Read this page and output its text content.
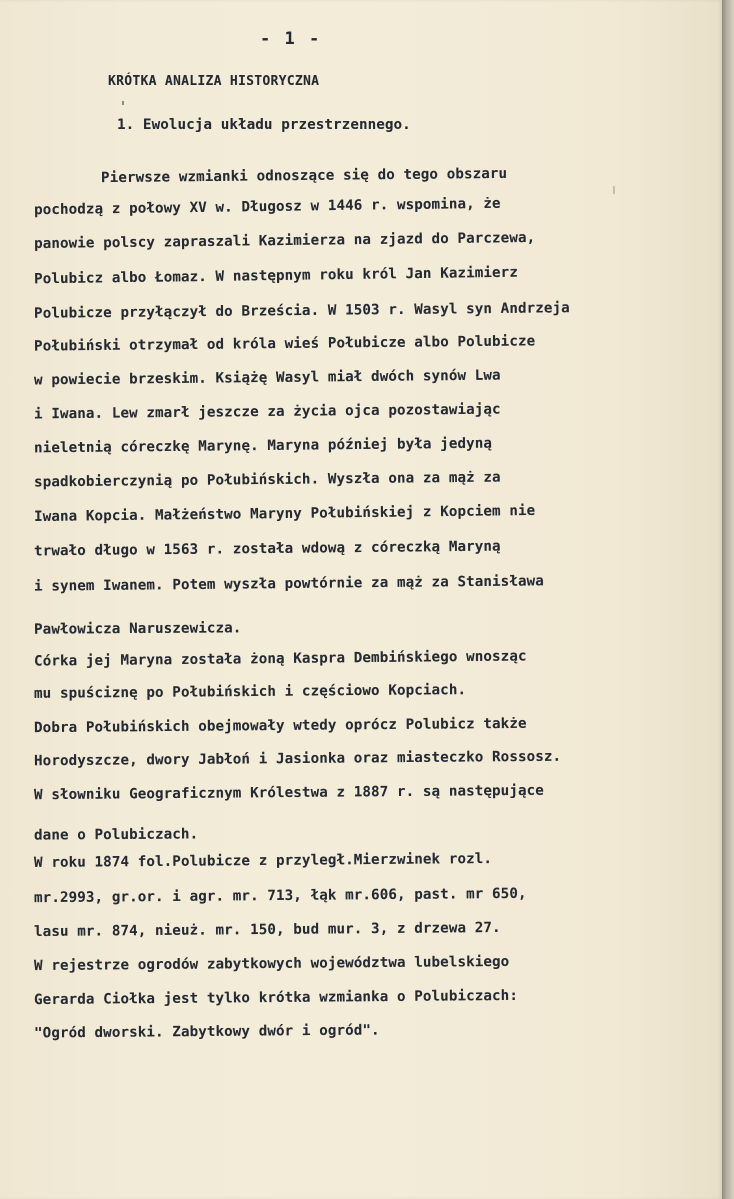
- 1 -
KRÓTKA ANALIZA HISTORYCZNA
1. Ewolucja układu przestrzennego.
Pierwsze wzmianki odnoszące się do tego obszaru
pochodzą z połowy XV w. Długosz w 1446 r. wspomina, że
panowie polscy zapraszali Kazimierza na zjazd do Parczewa,
Polubicz albo Łomaz. W następnym roku król Jan Kazimierz
Polubicze przyłączył do Brześcia. W 1503 r. Wasyl syn Andrzeja
Połubiński otrzymał od króla wieś Połubicze albo Polubicze
w powiecie brzeskim. Książę Wasyl miał dwóch synów Lwa
i Iwana. Lew zmarł jeszcze za życia ojca pozostawiając
nieletnią córeczkę Marynę. Maryna później była jedyną
spadkobierczynią po Połubińskich. Wyszła ona za mąż za
Iwana Kopcia. Małżeństwo Maryny Połubińskiej z Kopciem nie
trwało długo w 1563 r. została wdową z córeczką Maryną
i synem Iwanem. Potem wyszła powtórnie za mąż za Stanisława
Pawłowicza Naruszewicza.
Córka jej Maryna została żoną Kaspra Dembińskiego wnosząc
mu spuściznę po Połubińskich i częściowo Kopciach.
Dobra Połubińskich obejmowały wtedy oprócz Polubicz także
Horodyszcze, dwory Jabłoń i Jasionka oraz miasteczko Rossosz.
W słowniku Geograficznym Królestwa z 1887 r. są następujące
dane o Polubiczach.
W roku 1874 fol.Polubicze z przyległ.Mierzwinek rozl.
mr.2993, gr.or. i agr. mr. 713, łąk mr.606, past. mr 650,
lasu mr. 874, nieuż. mr. 150, bud mur. 3, z drzewa 27.
W rejestrze ogrodów zabytkowych województwa lubelskiego
Gerarda Ciołka jest tylko krótka wzmianka o Polubiczach:
"Ogród dworski. Zabytkowy dwór i ogród".
